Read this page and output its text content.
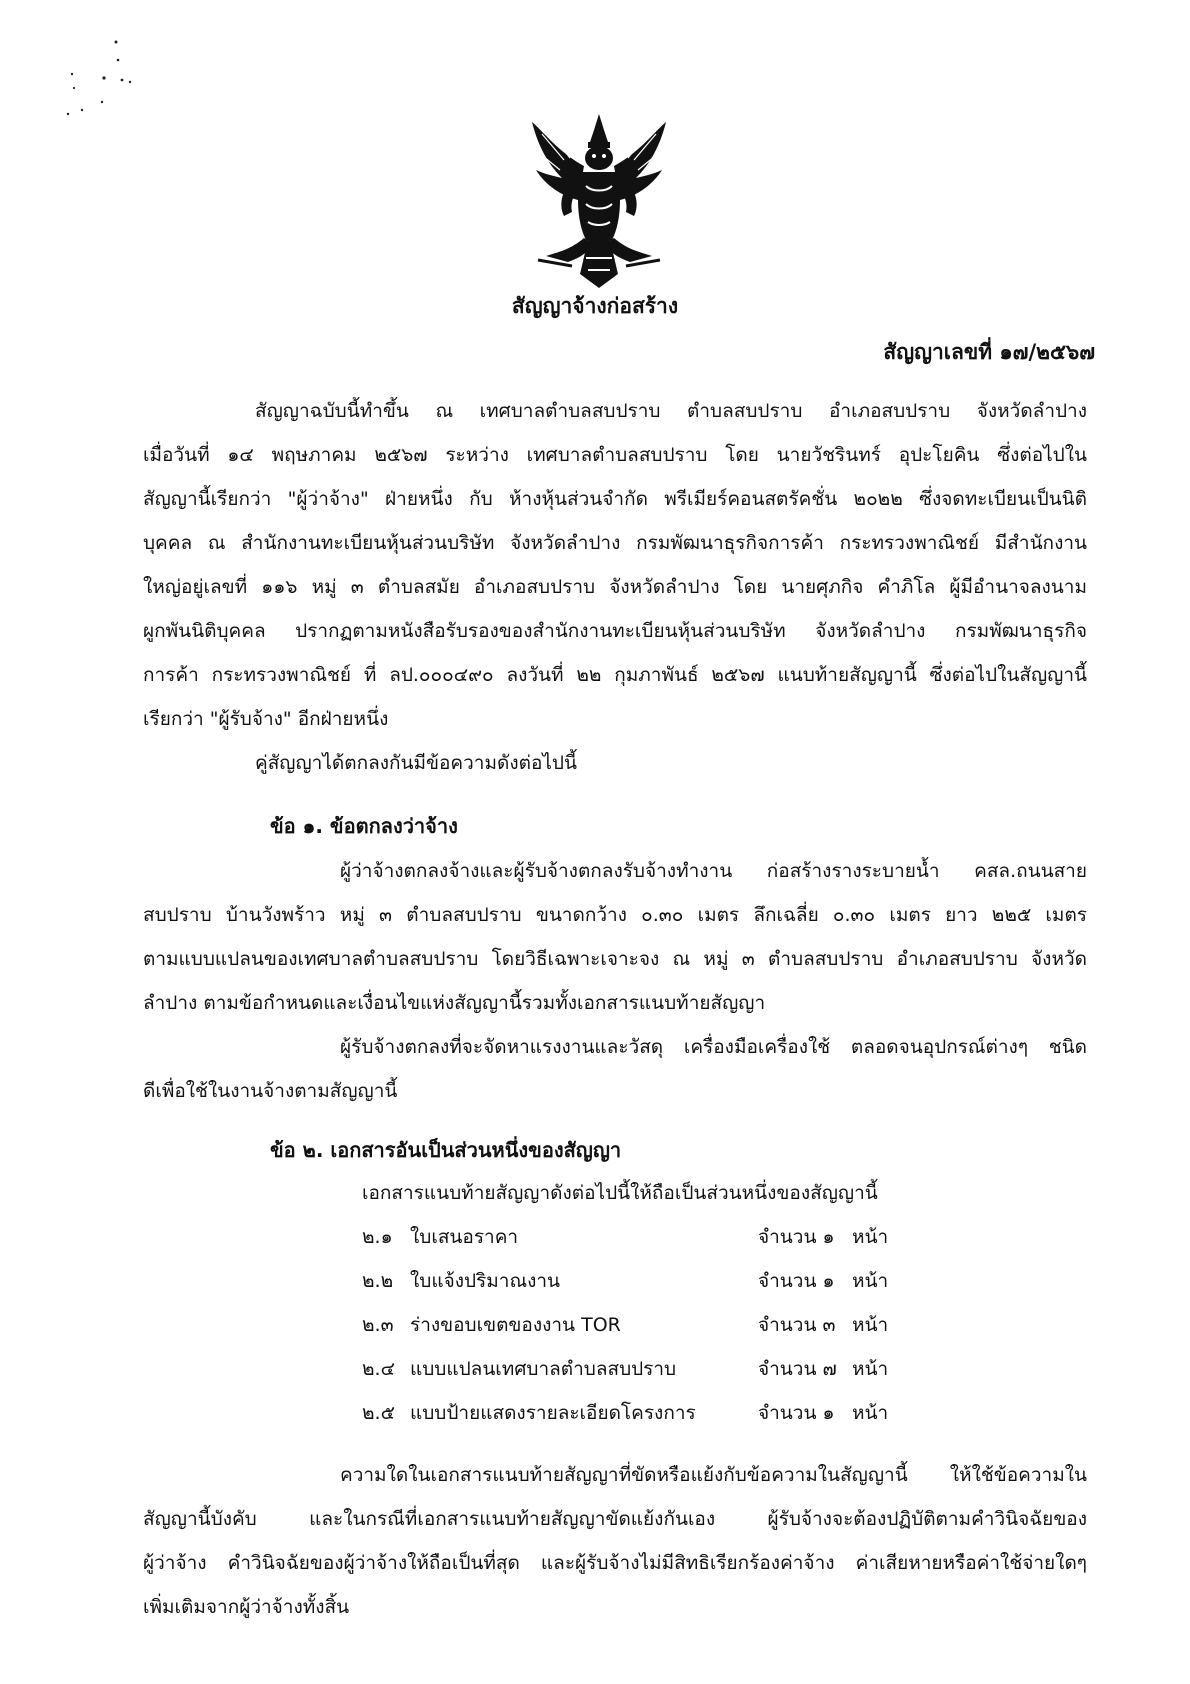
สัญญาจ้างก่อสร้าง
สัญญาเลขที่ ๑๗/๒๕๖๗
สัญญาฉบับนี้ทำขึ้น ณ เทศบาลตำบลสบปราบ ตำบลสบปราบ อำเภอสบปราบ จังหวัดลำปาง
เมื่อวันที่ ๑๔ พฤษภาคม ๒๕๖๗ ระหว่าง เทศบาลตำบลสบปราบ โดย นายวัชรินทร์ อุปะโยคิน ซึ่งต่อไปใน
สัญญานี้เรียกว่า "ผู้ว่าจ้าง" ฝ่ายหนึ่ง กับ ห้างหุ้นส่วนจำกัด พรีเมียร์คอนสตรัคชั่น ๒๐๒๒ ซึ่งจดทะเบียนเป็นนิติ
บุคคล ณ สำนักงานทะเบียนหุ้นส่วนบริษัท จังหวัดลำปาง กรมพัฒนาธุรกิจการค้า กระทรวงพาณิชย์ มีสำนักงาน
ใหญ่อยู่เลขที่ ๑๑๖ หมู่ ๓ ตำบลสมัย อำเภอสบปราบ จังหวัดลำปาง โดย นายศุภกิจ คำภิโล ผู้มีอำนาจลงนาม
ผูกพันนิติบุคคล ปรากฏตามหนังสือรับรองของสำนักงานทะเบียนหุ้นส่วนบริษัท จังหวัดลำปาง กรมพัฒนาธุรกิจ
การค้า กระทรวงพาณิชย์ ที่ ลป.๐๐๐๔๙๐ ลงวันที่ ๒๒ กุมภาพันธ์ ๒๕๖๗ แนบท้ายสัญญานี้ ซึ่งต่อไปในสัญญานี้
เรียกว่า "ผู้รับจ้าง" อีกฝ่ายหนึ่ง
คู่สัญญาได้ตกลงกันมีข้อความดังต่อไปนี้
ข้อ ๑. ข้อตกลงว่าจ้าง
ผู้ว่าจ้างตกลงจ้างและผู้รับจ้างตกลงรับจ้างทำงาน ก่อสร้างรางระบายน้ำ คสล.ถนนสาย
สบปราบ บ้านวังพร้าว หมู่ ๓ ตำบลสบปราบ ขนาดกว้าง ๐.๓๐ เมตร ลึกเฉลี่ย ๐.๓๐ เมตร ยาว ๒๒๕ เมตร
ตามแบบแปลนของเทศบาลตำบลสบปราบ โดยวิธีเฉพาะเจาะจง ณ หมู่ ๓ ตำบลสบปราบ อำเภอสบปราบ จังหวัด
ลำปาง ตามข้อกำหนดและเงื่อนไขแห่งสัญญานี้รวมทั้งเอกสารแนบท้ายสัญญา
ผู้รับจ้างตกลงที่จะจัดหาแรงงานและวัสดุ เครื่องมือเครื่องใช้ ตลอดจนอุปกรณ์ต่างๆ ชนิด
ดีเพื่อใช้ในงานจ้างตามสัญญานี้
ข้อ ๒. เอกสารอันเป็นส่วนหนึ่งของสัญญา
เอกสารแนบท้ายสัญญาดังต่อไปนี้ให้ถือเป็นส่วนหนึ่งของสัญญานี้
๒.๑ ใบเสนอราคา	จำนวน ๑ หน้า
๒.๒ ใบแจ้งปริมาณงาน	จำนวน ๑ หน้า
๒.๓ ร่างขอบเขตของงาน TOR	จำนวน ๓ หน้า
๒.๔ แบบแปลนเทศบาลตำบลสบปราบ	จำนวน ๗ หน้า
๒.๕ แบบป้ายแสดงรายละเอียดโครงการ	จำนวน ๑ หน้า
ความใดในเอกสารแนบท้ายสัญญาที่ขัดหรือแย้งกับข้อความในสัญญานี้ ให้ใช้ข้อความใน
สัญญานี้บังคับ และในกรณีที่เอกสารแนบท้ายสัญญาขัดแย้งกันเอง ผู้รับจ้างจะต้องปฏิบัติตามคำวินิจฉัยของ
ผู้ว่าจ้าง คำวินิจฉัยของผู้ว่าจ้างให้ถือเป็นที่สุด และผู้รับจ้างไม่มีสิทธิเรียกร้องค่าจ้าง ค่าเสียหายหรือค่าใช้จ่ายใดๆ
เพิ่มเติมจากผู้ว่าจ้างทั้งสิ้น
